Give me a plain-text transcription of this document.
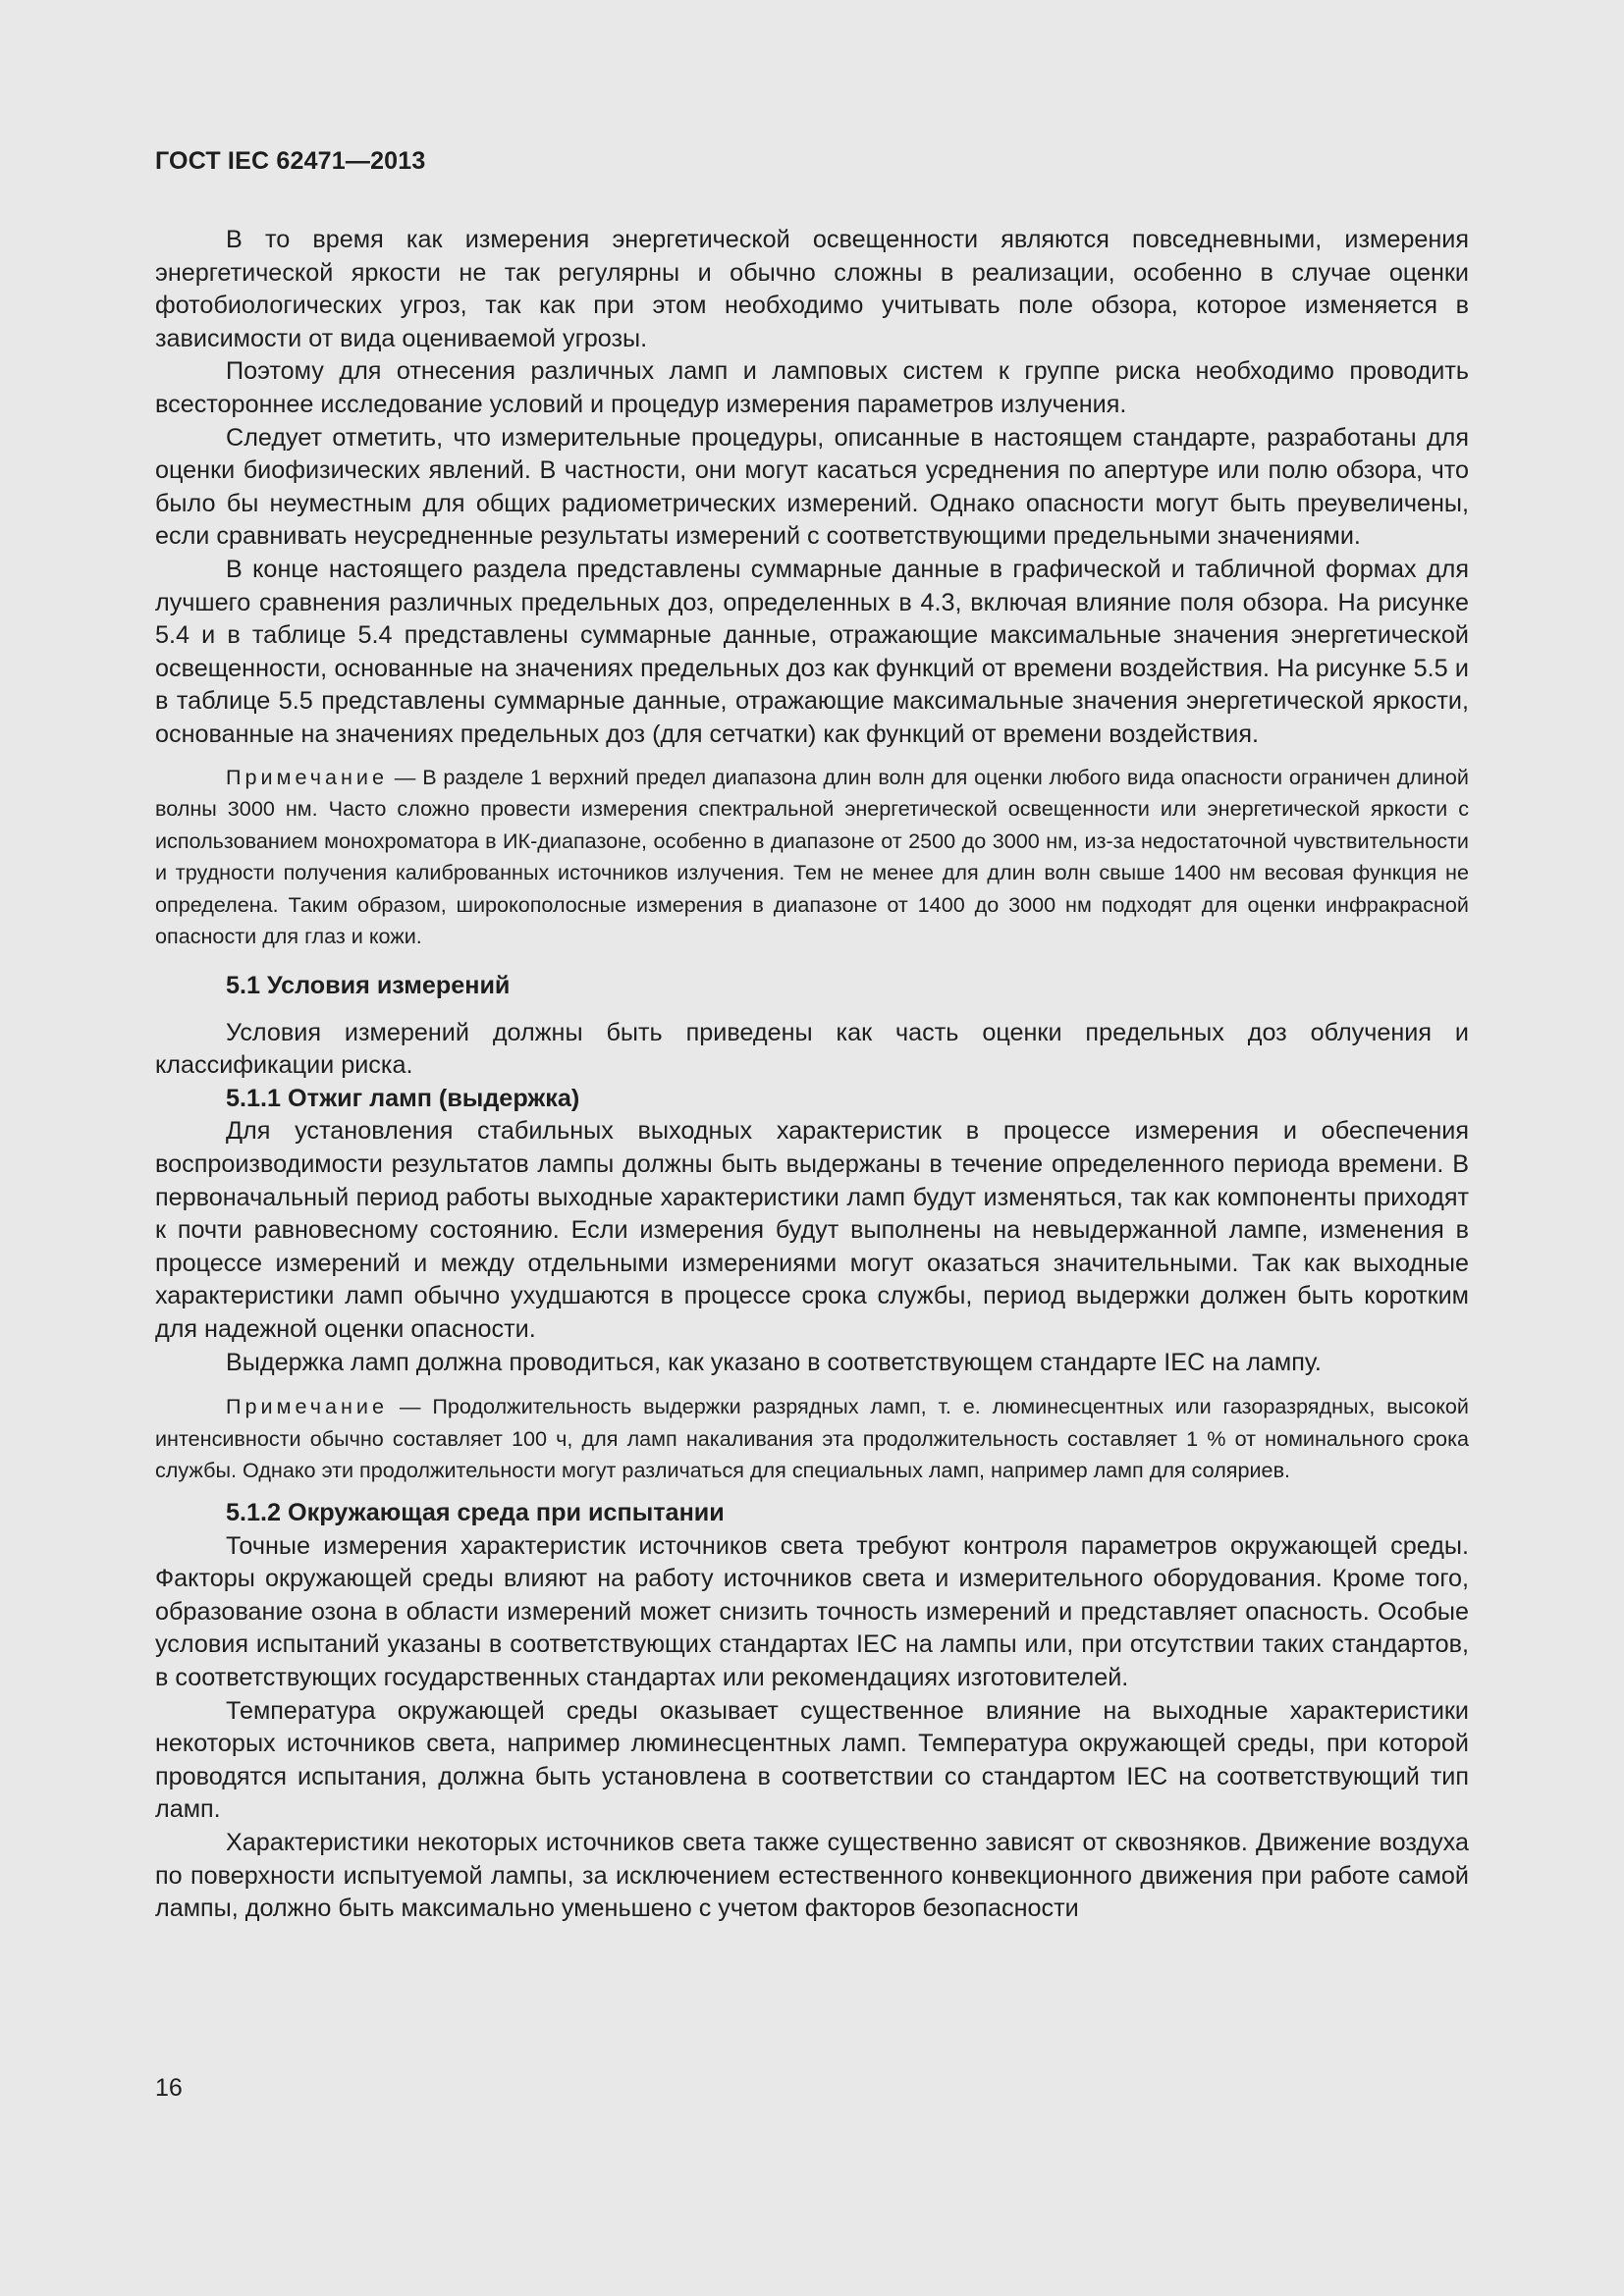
ГОСТ IEC 62471—2013

В то время как измерения энергетической освещенности являются повседневными, измерения энергетической яркости не так регулярны и обычно сложны в реализации, особенно в случае оценки фотобиологических угроз, так как при этом необходимо учитывать поле обзора, которое изменяется в зависимости от вида оцениваемой угрозы.

Поэтому для отнесения различных ламп и ламповых систем к группе риска необходимо проводить всестороннее исследование условий и процедур измерения параметров излучения.

Следует отметить, что измерительные процедуры, описанные в настоящем стандарте, разработаны для оценки биофизических явлений. В частности, они могут касаться усреднения по апертуре или полю обзора, что было бы неуместным для общих радиометрических измерений. Однако опасности могут быть преувеличены, если сравнивать неусредненные результаты измерений с соответствующими предельными значениями.

В конце настоящего раздела представлены суммарные данные в графической и табличной формах для лучшего сравнения различных предельных доз, определенных в 4.3, включая влияние поля обзора. На рисунке 5.4 и в таблице 5.4 представлены суммарные данные, отражающие максимальные значения энергетической освещенности, основанные на значениях предельных доз как функций от времени воздействия. На рисунке 5.5 и в таблице 5.5 представлены суммарные данные, отражающие максимальные значения энергетической яркости, основанные на значениях предельных доз (для сетчатки) как функций от времени воздействия.

Примечание — В разделе 1 верхний предел диапазона длин волн для оценки любого вида опасности ограничен длиной волны 3000 нм. Часто сложно провести измерения спектральной энергетической освещенности или энергетической яркости с использованием монохроматора в ИК-диапазоне, особенно в диапазоне от 2500 до 3000 нм, из-за недостаточной чувствительности и трудности получения калиброванных источников излучения. Тем не менее для длин волн свыше 1400 нм весовая функция не определена. Таким образом, широкополосные измерения в диапазоне от 1400 до 3000 нм подходят для оценки инфракрасной опасности для глаз и кожи.

5.1 Условия измерений

Условия измерений должны быть приведены как часть оценки предельных доз облучения и классификации риска.

5.1.1 Отжиг ламп (выдержка)

Для установления стабильных выходных характеристик в процессе измерения и обеспечения воспроизводимости результатов лампы должны быть выдержаны в течение определенного периода времени. В первоначальный период работы выходные характеристики ламп будут изменяться, так как компоненты приходят к почти равновесному состоянию. Если измерения будут выполнены на невыдержанной лампе, изменения в процессе измерений и между отдельными измерениями могут оказаться значительными. Так как выходные характеристики ламп обычно ухудшаются в процессе срока службы, период выдержки должен быть коротким для надежной оценки опасности.

Выдержка ламп должна проводиться, как указано в соответствующем стандарте IEC на лампу.

Примечание — Продолжительность выдержки разрядных ламп, т. е. люминесцентных или газоразрядных, высокой интенсивности обычно составляет 100 ч, для ламп накаливания эта продолжительность составляет 1 % от номинального срока службы. Однако эти продолжительности могут различаться для специальных ламп, например ламп для соляриев.

5.1.2 Окружающая среда при испытании

Точные измерения характеристик источников света требуют контроля параметров окружающей среды. Факторы окружающей среды влияют на работу источников света и измерительного оборудования. Кроме того, образование озона в области измерений может снизить точность измерений и представляет опасность. Особые условия испытаний указаны в соответствующих стандартах IEC на лампы или, при отсутствии таких стандартов, в соответствующих государственных стандартах или рекомендациях изготовителей.

Температура окружающей среды оказывает существенное влияние на выходные характеристики некоторых источников света, например люминесцентных ламп. Температура окружающей среды, при которой проводятся испытания, должна быть установлена в соответствии со стандартом IEC на соответствующий тип ламп.

Характеристики некоторых источников света также существенно зависят от сквозняков. Движение воздуха по поверхности испытуемой лампы, за исключением естественного конвекционного движения при работе самой лампы, должно быть максимально уменьшено с учетом факторов безопасности

16
